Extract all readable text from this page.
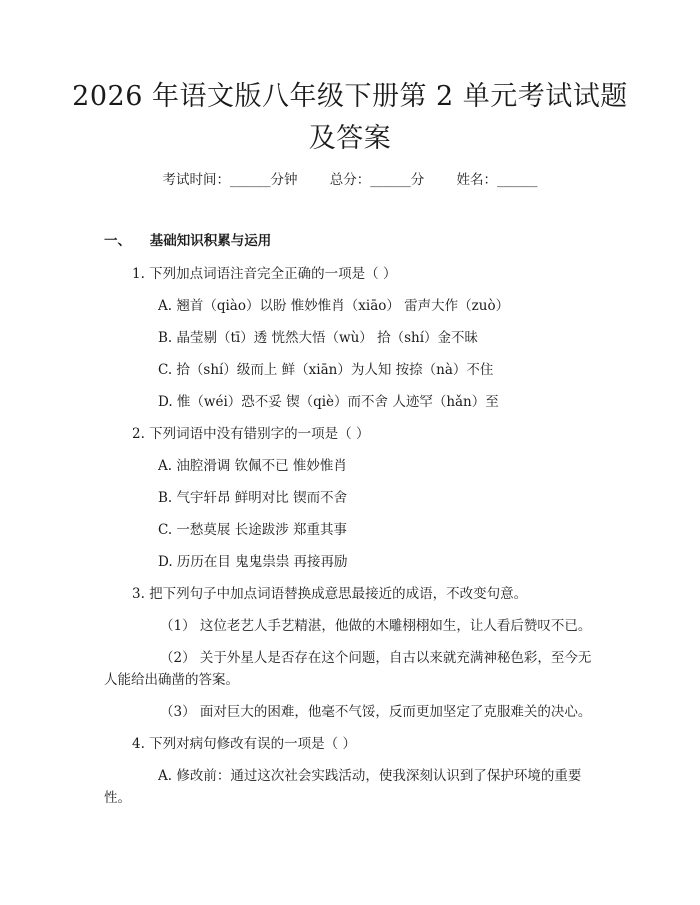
2026 年语文版八年级下册第 2 单元考试试题
及答案
考试时间：______分钟 总分：______分 姓名：______
一、 基础知识积累与运用
1. 下列加点词语注音完全正确的一项是（ ）
A. 翘首（qiào）以盼 惟妙惟肖（xiāo） 雷声大作（zuò）
B. 晶莹剔（tī）透 恍然大悟（wù） 拾（shí）金不昧
C. 拾（shí）级而上 鲜（xiān）为人知 按捺（nà）不住
D. 惟（wéi）恐不妥 锲（qiè）而不舍 人迹罕（hǎn）至
2. 下列词语中没有错别字的一项是（ ）
A. 油腔滑调 钦佩不已 惟妙惟肖
B. 气宇轩昂 鲜明对比 锲而不舍
C. 一愁莫展 长途跋涉 郑重其事
D. 历历在目 鬼鬼祟祟 再接再励
3. 把下列句子中加点词语替换成意思最接近的成语，不改变句意。
（1） 这位老艺人手艺精湛，他做的木雕栩栩如生，让人看后赞叹不已。
（2） 关于外星人是否存在这个问题，自古以来就充满神秘色彩，至今无
人能给出确凿的答案。
（3） 面对巨大的困难，他毫不气馁，反而更加坚定了克服难关的决心。
4. 下列对病句修改有误的一项是（ ）
A. 修改前：通过这次社会实践活动，使我深刻认识到了保护环境的重要
性。
